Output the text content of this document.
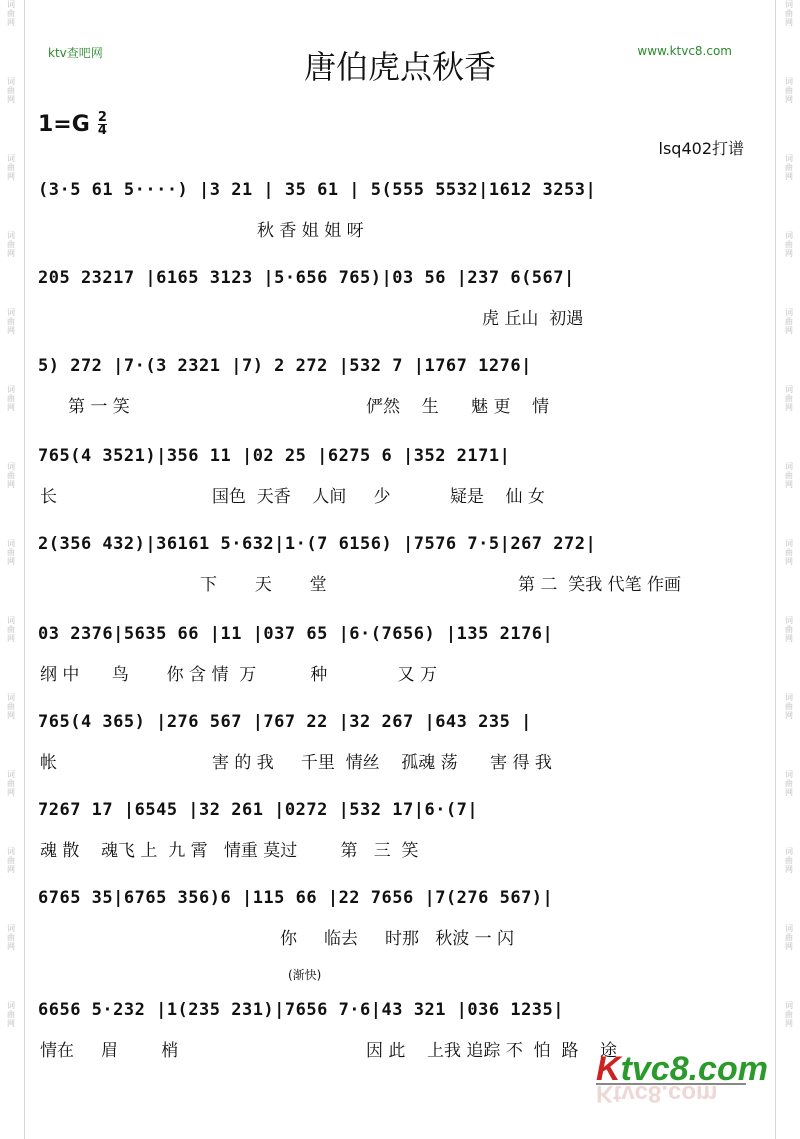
词
曲
网
词
曲
网
词
曲
网
词
曲
网
词
曲
网
词
曲
网
词
曲
网
词
曲
网
词
曲
网
词
曲
网
词
曲
网
词
曲
网
词
曲
网
词
曲
网
词
曲
网
词
曲
网
词
曲
网
词
曲
网
词
曲
网
词
曲
网
词
曲
网
词
曲
网
词
曲
网
词
曲
网
词
曲
网
词
曲
网
词
曲
网
词
曲
网
ktv查吧网	www.ktvc8.com
唐伯虎点秋香
1=G 2
4
lsq402打谱
(3·5 61 5····) |3 21 | 35 61 | 5(555 5532|1612 3253|
秋 香 姐 姐 呀
205 23217 |6165 3123 |5·656 765)|03 56 |237 6(567|
虎 丘山  初遇
5) 272 |7·(3 2321 |7) 2 272 |532 7 |1767 1276|
第 一 笑	俨然    生      魅 更    情
765(4 3521)|356 11 |02 25 |6275 6 |352 2171|
长	国色  天香    人间     少           疑是    仙 女
2(356 432)|36161 5·632|1·(7 6156) |7576 7·5|267 272|
下       天       堂	第 二  笑我 代笔 作画
03 2376|5635 66 |11 |037 65 |6·(7656) |135 2176|
纲 中      鸟       你 含 情  万          种             又 万
765(4 365) |276 567 |767 22 |32 267 |643 235 |
帐	害 的 我     千里  情丝    孤魂 荡      害 得 我
7267 17 |6545 |32 261 |0272 |532 17|6·(7|
魂 散    魂飞 上  九 霄   情重 莫过        第   三  笑
6765 35|6765 356)6 |115 66 |22 7656 |7(276 567)|
你     临去     时那   秋波 一 闪
6656 5·232 |1(235 231)|7656 7·6|43 321 |036 1235|
情在     眉        梢	因 此    上我 追踪 不  怕  路    途
(渐快)
Ktvc8.com
Ktvc8.com
